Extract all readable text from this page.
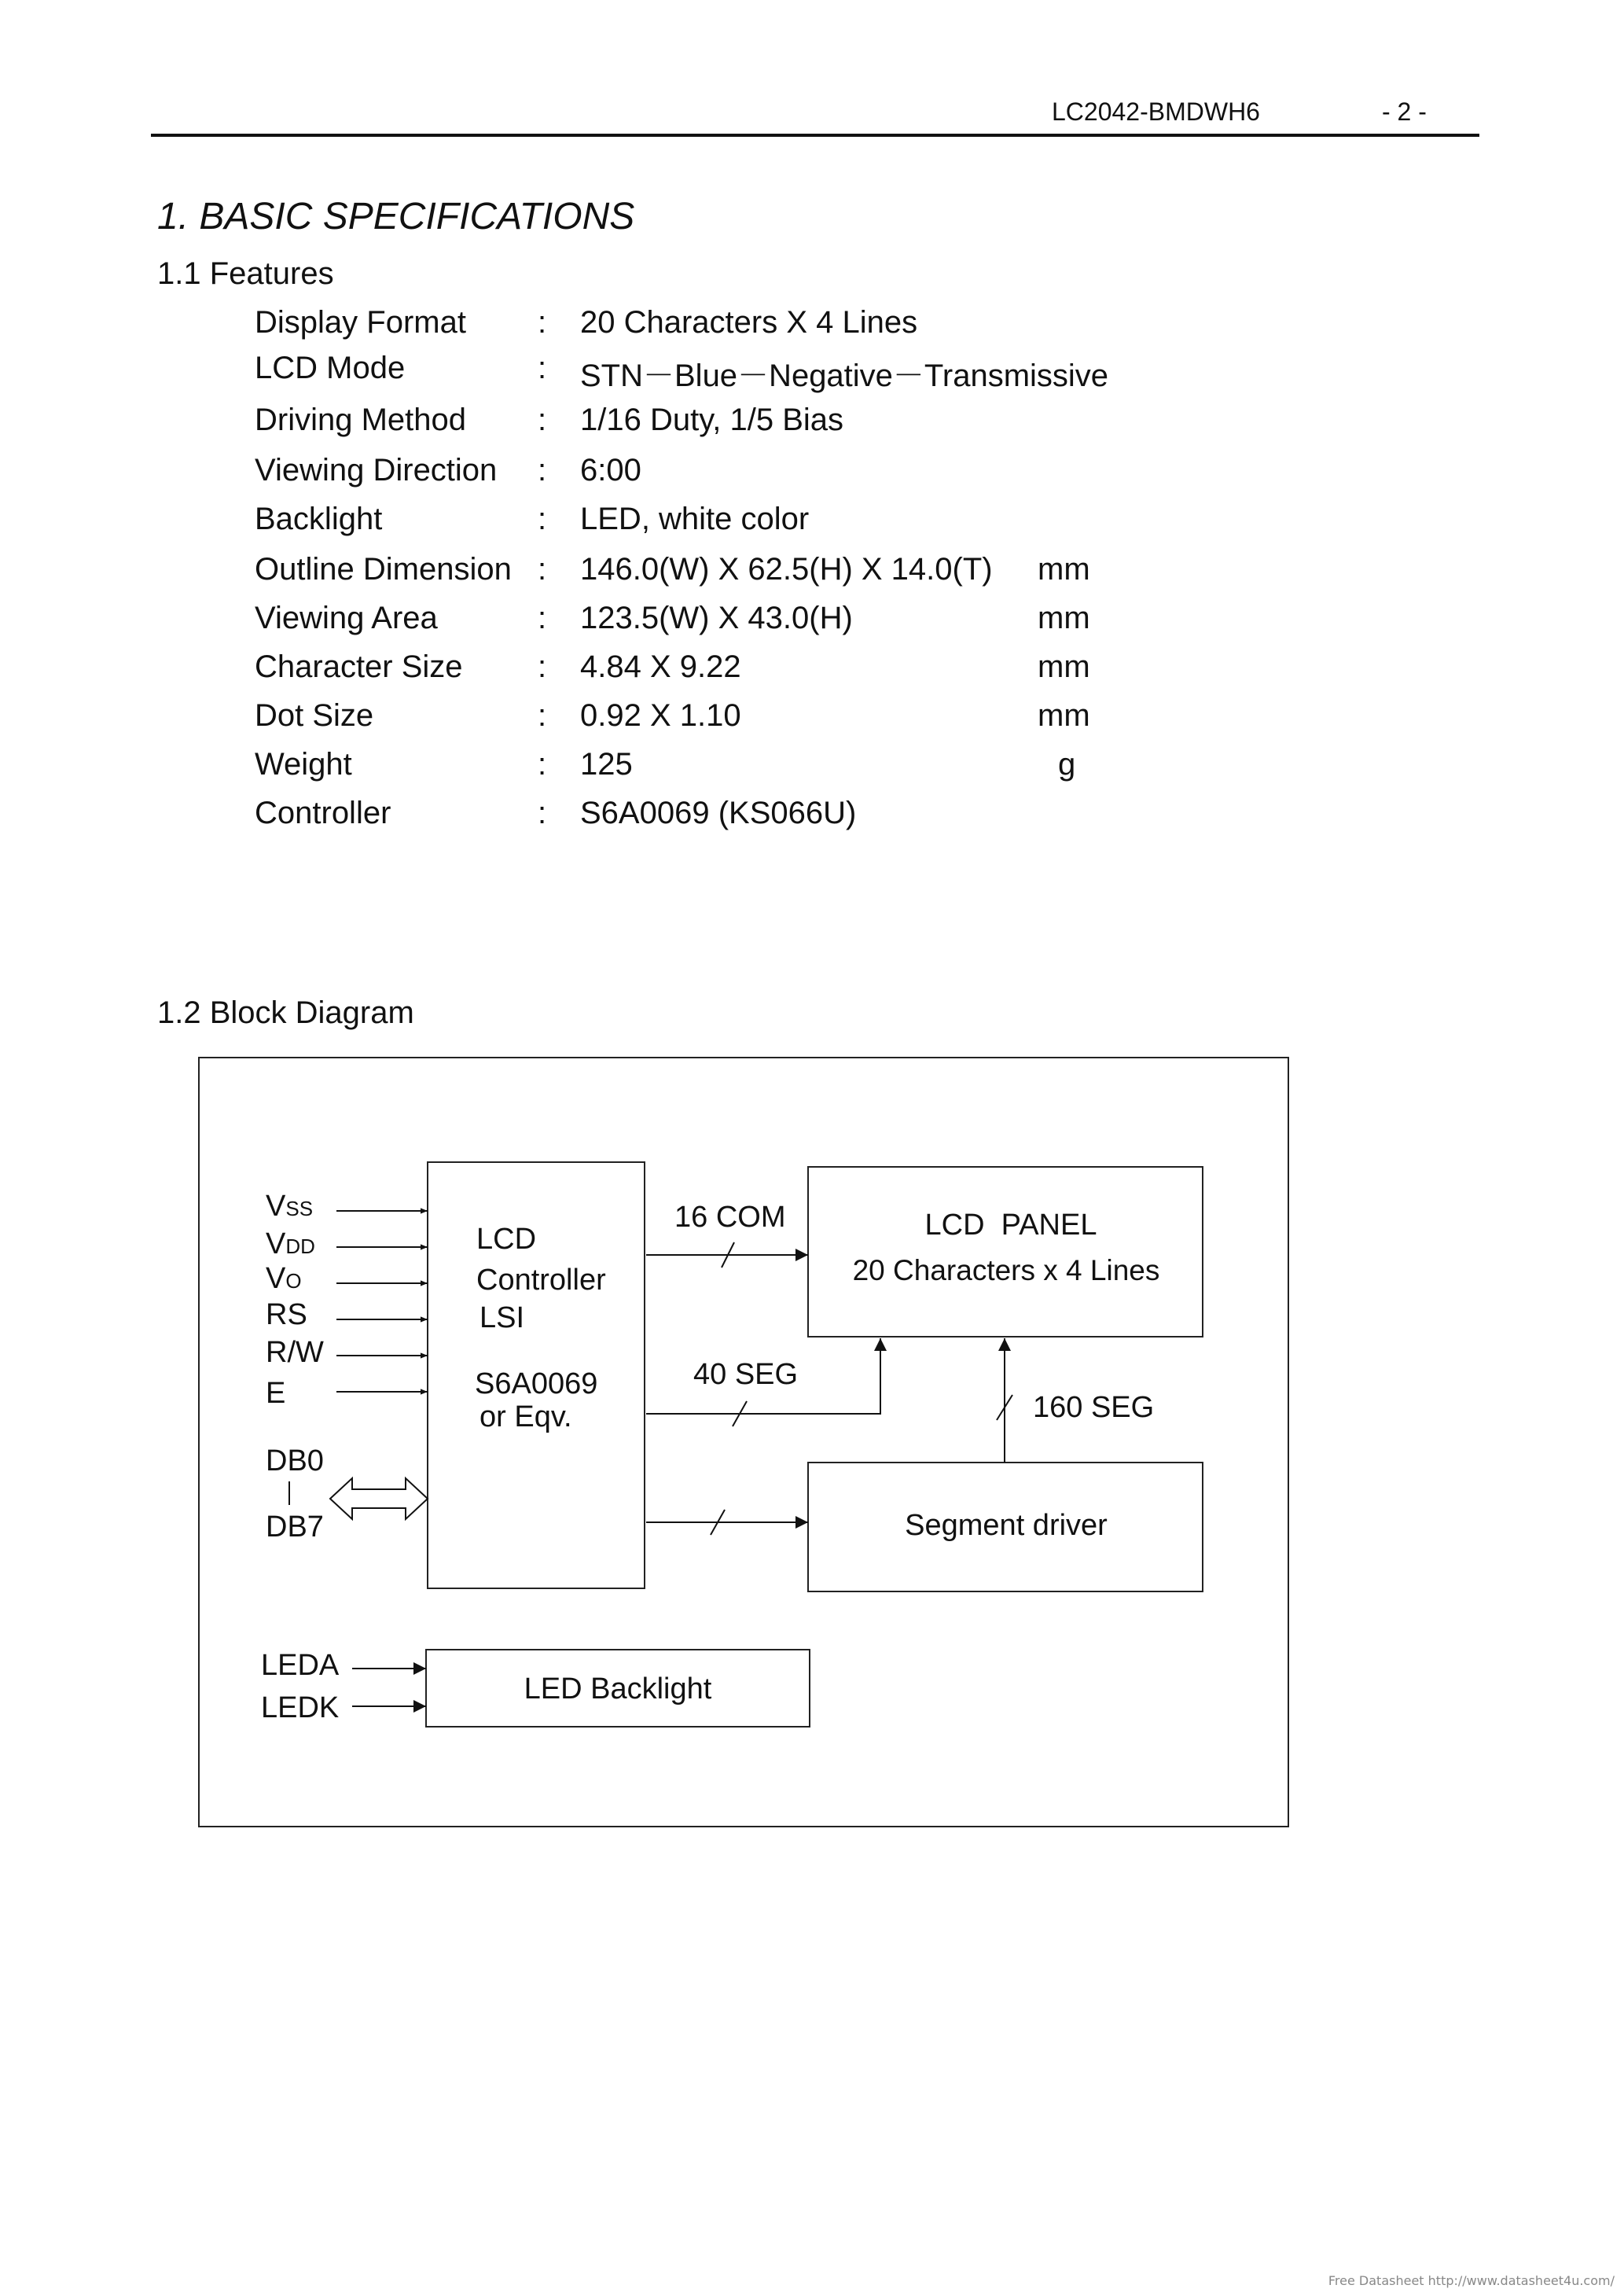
LC2042-BMDWH6	- 2 -
1. BASIC SPECIFICATIONS
1.1 Features
Display Format : 20 Characters X 4 Lines
LCD Mode	: STN－Blue－Negative－Transmissive
Driving Method : 1/16 Duty, 1/5 Bias
Viewing Direction : 6:00
Backlight	: LED, white color
Outline Dimension : 146.0(W) X 62.5(H) X 14.0(T) mm
Viewing Area	: 123.5(W) X 43.0(H)	mm
Character Size : 4.84 X 9.22	mm
Dot Size	: 0.92 X 1.10	mm
Weight	: 125	g
Controller	: S6A0069 (KS066U)
1.2 Block Diagram
VSS
VDD
VO
RS
R/W
E
DB0
DB7
LCD
Controller
LSI
S6A0069
or Eqv.
16 COM
40 SEG
160 SEG
LCD  PANEL
20 Characters x 4 Lines
Segment driver
LEDA
LEDK
LED Backlight
Free Datasheet http://www.datasheet4u.com/
